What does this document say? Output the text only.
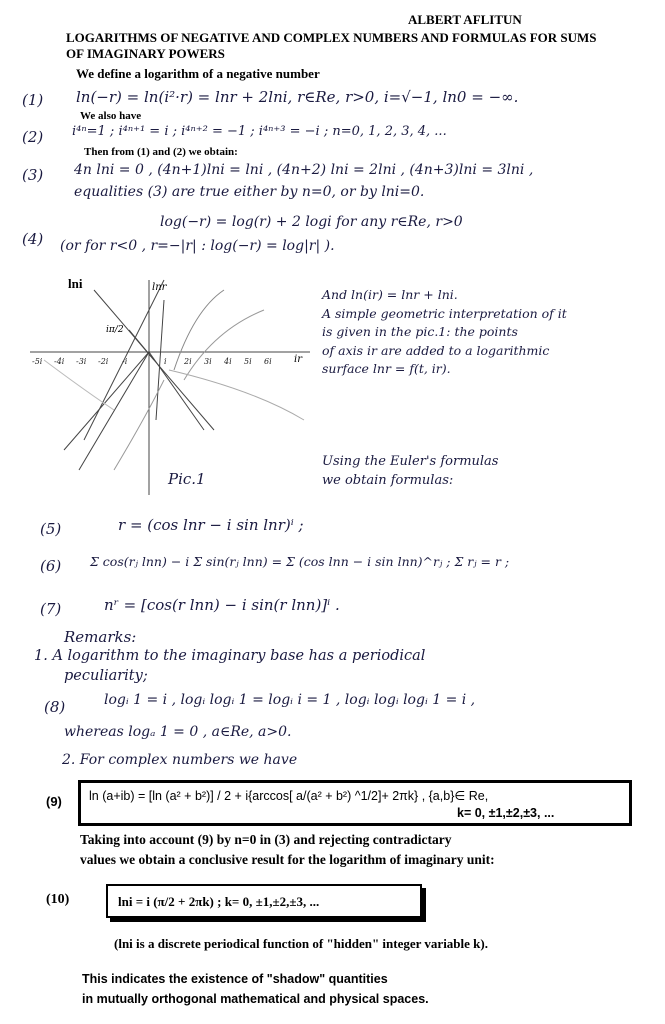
ALBERT AFLITUN
LOGARITHMS OF NEGATIVE AND COMPLEX NUMBERS AND FORMULAS FOR SUMS
OF IMAGINARY POWERS
We define a logarithm of a negative number
(1) ln(−r) = ln(i²·r) = lnr + 2lni, r∈Re, r>0, i=√−1, ln0 = −∞.
We also have
(2) i⁴ⁿ=1 ; i⁴ⁿ⁺¹ = i ; i⁴ⁿ⁺² = −1 ; i⁴ⁿ⁺³ = −i ; n=0, 1, 2, 3, 4, ...
Then from (1) and (2) we obtain:
(3) 4n lni = 0 , (4n+1)lni = lni , (4n+2) lni = 2lni , (4n+3)lni = 3lni ,
equalities (3) are true either by n=0, or by lni=0.
(4)
log(−r) = log(r) + 2 logi for any r∈Re, r>0
(or for r<0 , r=−|r| : log(−r) = log|r| ).
lni	lnr
iπ/2
ir
-5i -4i -3i -2i -i	i 2i 3i 4i 5i 6i
Pic.1
And ln(ir) = lnr + lni.
A simple geometric interpretation of it
is given in the pic.1: the points
of axis ir are added to a logarithmic
surface lnr = f(t, ir).
Using the Euler's formulas
we obtain formulas:
(5)	r = (cos lnr − i sin lnr)ⁱ ;
(6) Σ cos(rⱼ lnn) − i Σ sin(rⱼ lnn) = Σ (cos lnn − i sin lnn)^rⱼ ; Σ rⱼ = r ;
(7)	nʳ = [cos(r lnn) − i sin(r lnn)]ⁱ .
Remarks:
1. A logarithm to the imaginary base has a periodical
peculiarity;
(8)	logᵢ 1 = i , logᵢ logᵢ 1 = logᵢ i = 1 , logᵢ logᵢ logᵢ 1 = i ,
whereas logₐ 1 = 0 , a∈Re, a>0.
2. For complex numbers we have
(9) ln (a+ib) = [ln (a² + b²)] / 2 + i{arccos[ a/(a² + b²) ^1/2]+ 2πk} , {a,b}∈ Re,
k= 0, ±1,±2,±3, ...
Taking into account (9) by n=0 in (3) and rejecting contradictary
values we obtain a conclusive result for the logarithm of imaginary unit:
(10)	lni = i (π/2 + 2πk) ; k= 0, ±1,±2,±3, ...
(lni is a discrete periodical function of "hidden" integer variable k).
This indicates the existence of "shadow" quantities
in mutually orthogonal mathematical and physical spaces.
